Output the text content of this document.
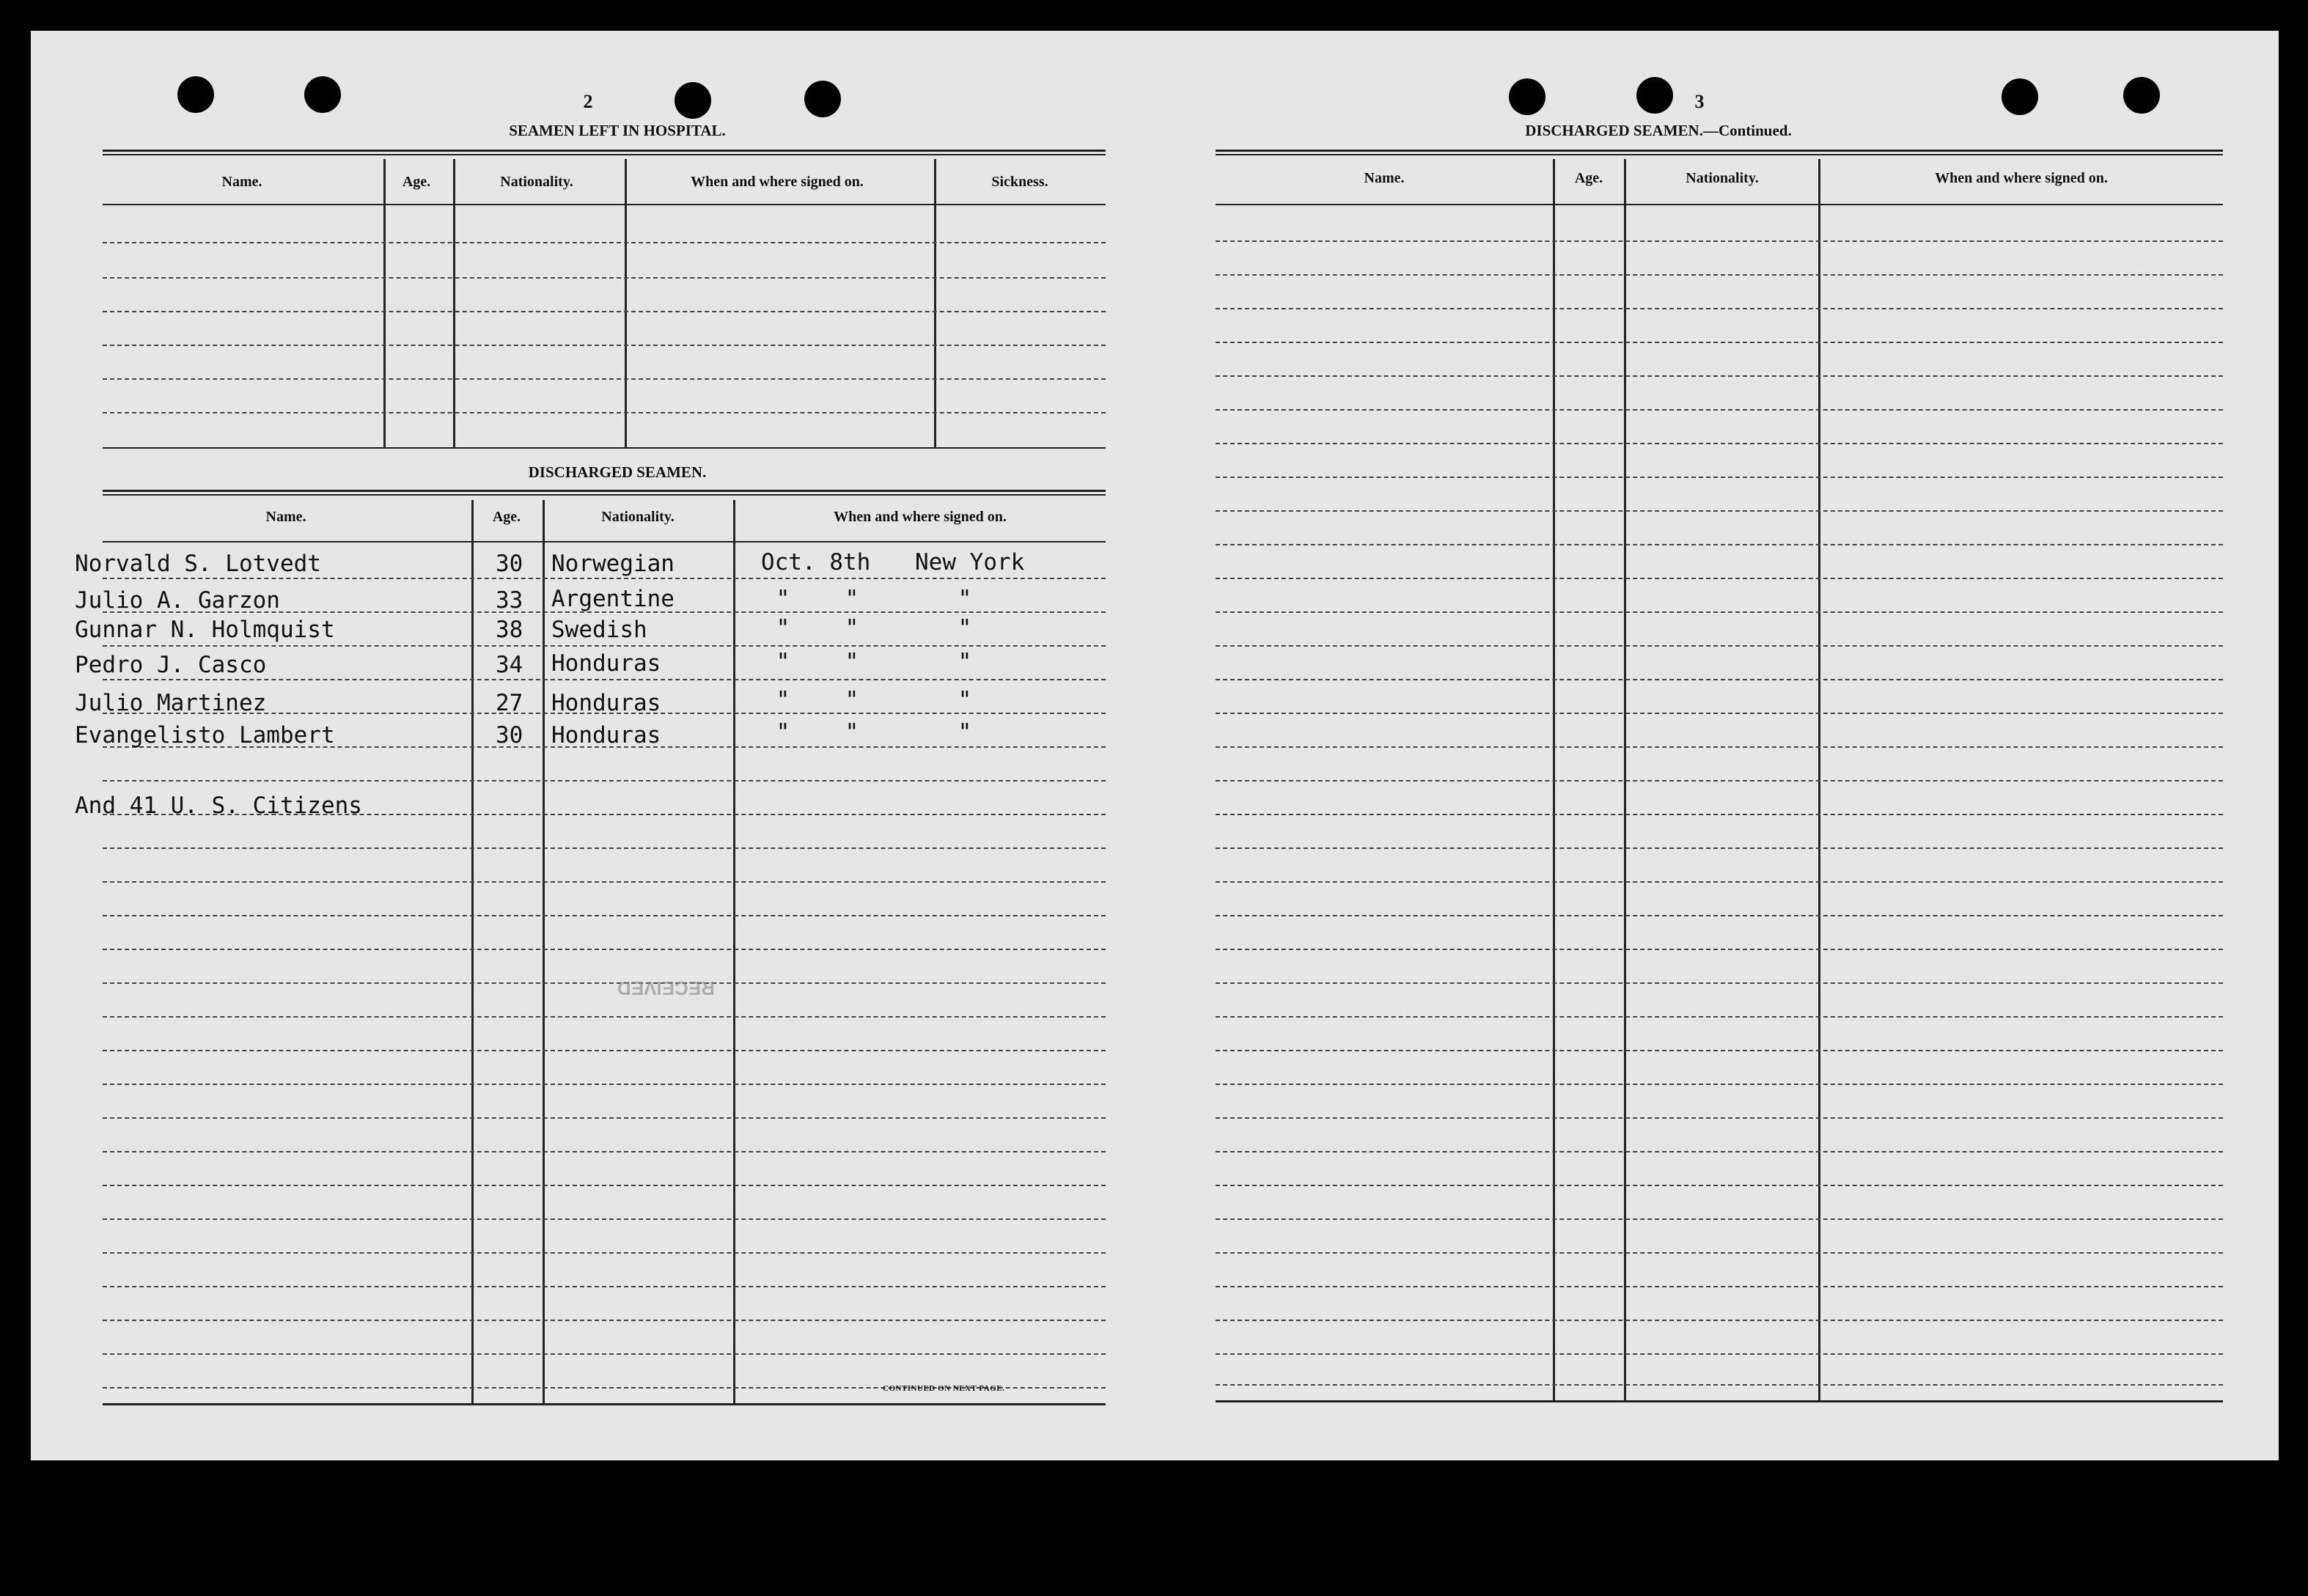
2
SEAMEN LEFT IN HOSPITAL.
Name.	Age.	Nationality.	When and where signed on.	Sickness.
DISCHARGED SEAMEN.
Name.	Age.	Nationality.	When and where signed on.
Norvald S. Lotvedt	30 Norwegian	Oct. 8th New York
Julio A. Garzon	33 Argentine	"	"	"
Gunnar N. Holmquist	38 Swedish	"	"	"
Pedro J. Casco	34 Honduras	"	"	"
Julio Martinez	27 Honduras	"	"	"
Evangelisto Lambert	30 Honduras	"	"	"
And 41 U. S. Citizens
RECEIVED
CONTINUED ON NEXT PAGE.
3
DISCHARGED SEAMEN.—Continued.
Name.	Age.	Nationality.	When and where signed on.
